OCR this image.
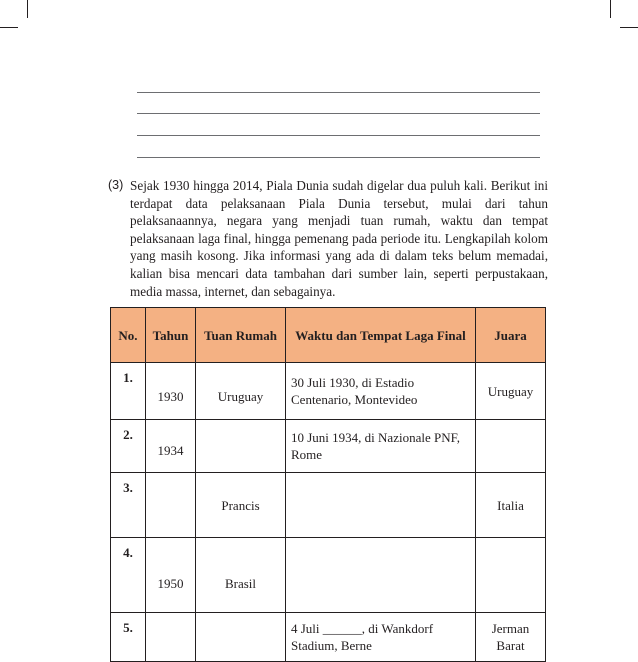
(3) Sejak 1930 hingga 2014, Piala Dunia sudah digelar dua puluh kali. Berikut ini terdapat data pelaksanaan Piala Dunia tersebut, mulai dari tahun pelaksanaannya, negara yang menjadi tuan rumah, waktu dan tempat pelaksanaan laga final, hingga pemenang pada periode itu. Lengkapilah kolom yang masih kosong. Jika informasi yang ada di dalam teks belum memadai, kalian bisa mencari data tambahan dari sumber lain, seperti perpustakaan, media massa, internet, dan sebagainya.
No.	Tahun	Tuan Rumah	Waktu dan Tempat Laga Final	Juara
1.	1930	Uruguay	30 Juli 1930, di Estadio Centenario, Montevideo	Uruguay
2.	1934		10 Juni 1934, di Nazionale PNF, Rome	
3.		Prancis		Italia
4.	1950	Brasil		
5.			4 Juli ______, di Wankdorf Stadium, Berne	Jerman Barat
